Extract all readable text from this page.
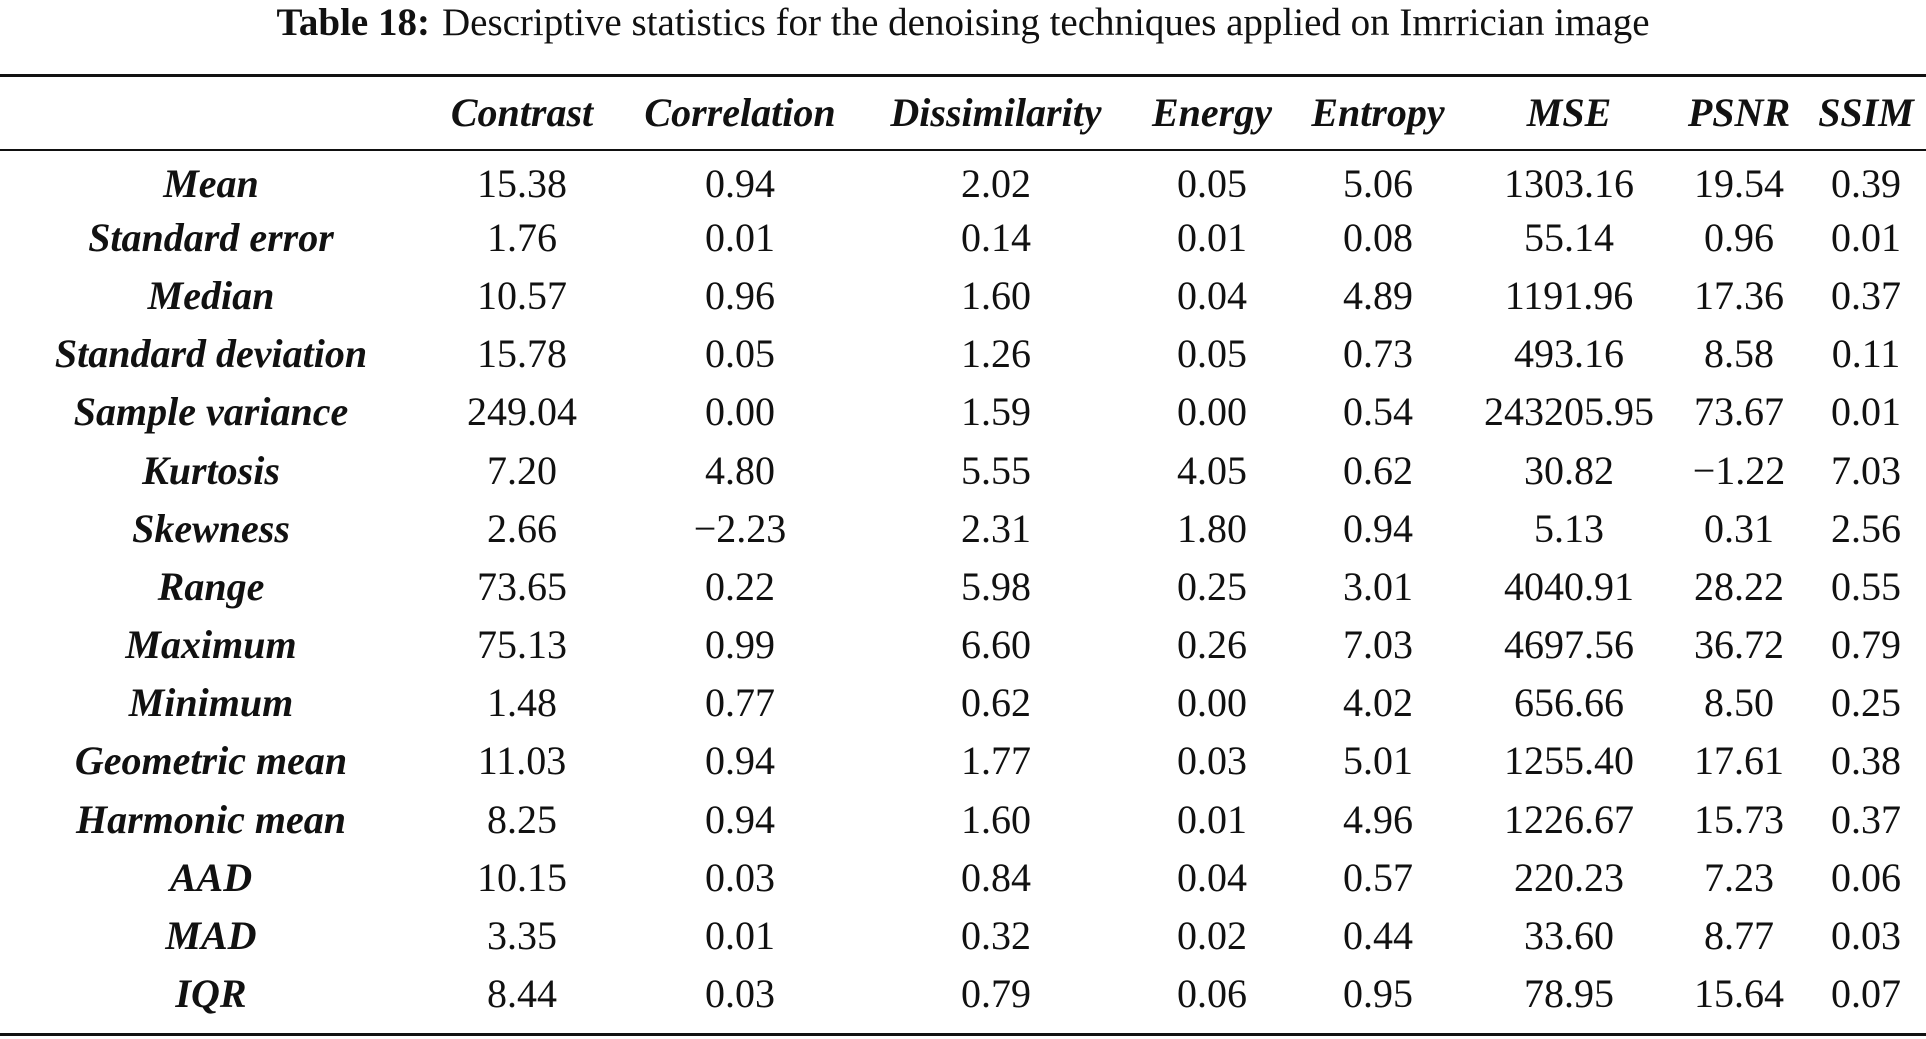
Table 18: Descriptive statistics for the denoising techniques applied on Imrrician image
	Contrast	Correlation	Dissimilarity	Energy	Entropy	MSE	PSNR	SSIM
Mean	15.38	0.94	2.02	0.05	5.06	1303.16	19.54	0.39
Standard error	1.76	0.01	0.14	0.01	0.08	55.14	0.96	0.01
Median	10.57	0.96	1.60	0.04	4.89	1191.96	17.36	0.37
Standard deviation	15.78	0.05	1.26	0.05	0.73	493.16	8.58	0.11
Sample variance	249.04	0.00	1.59	0.00	0.54	243205.95	73.67	0.01
Kurtosis	7.20	4.80	5.55	4.05	0.62	30.82	−1.22	7.03
Skewness	2.66	−2.23	2.31	1.80	0.94	5.13	0.31	2.56
Range	73.65	0.22	5.98	0.25	3.01	4040.91	28.22	0.55
Maximum	75.13	0.99	6.60	0.26	7.03	4697.56	36.72	0.79
Minimum	1.48	0.77	0.62	0.00	4.02	656.66	8.50	0.25
Geometric mean	11.03	0.94	1.77	0.03	5.01	1255.40	17.61	0.38
Harmonic mean	8.25	0.94	1.60	0.01	4.96	1226.67	15.73	0.37
AAD	10.15	0.03	0.84	0.04	0.57	220.23	7.23	0.06
MAD	3.35	0.01	0.32	0.02	0.44	33.60	8.77	0.03
IQR	8.44	0.03	0.79	0.06	0.95	78.95	15.64	0.07
